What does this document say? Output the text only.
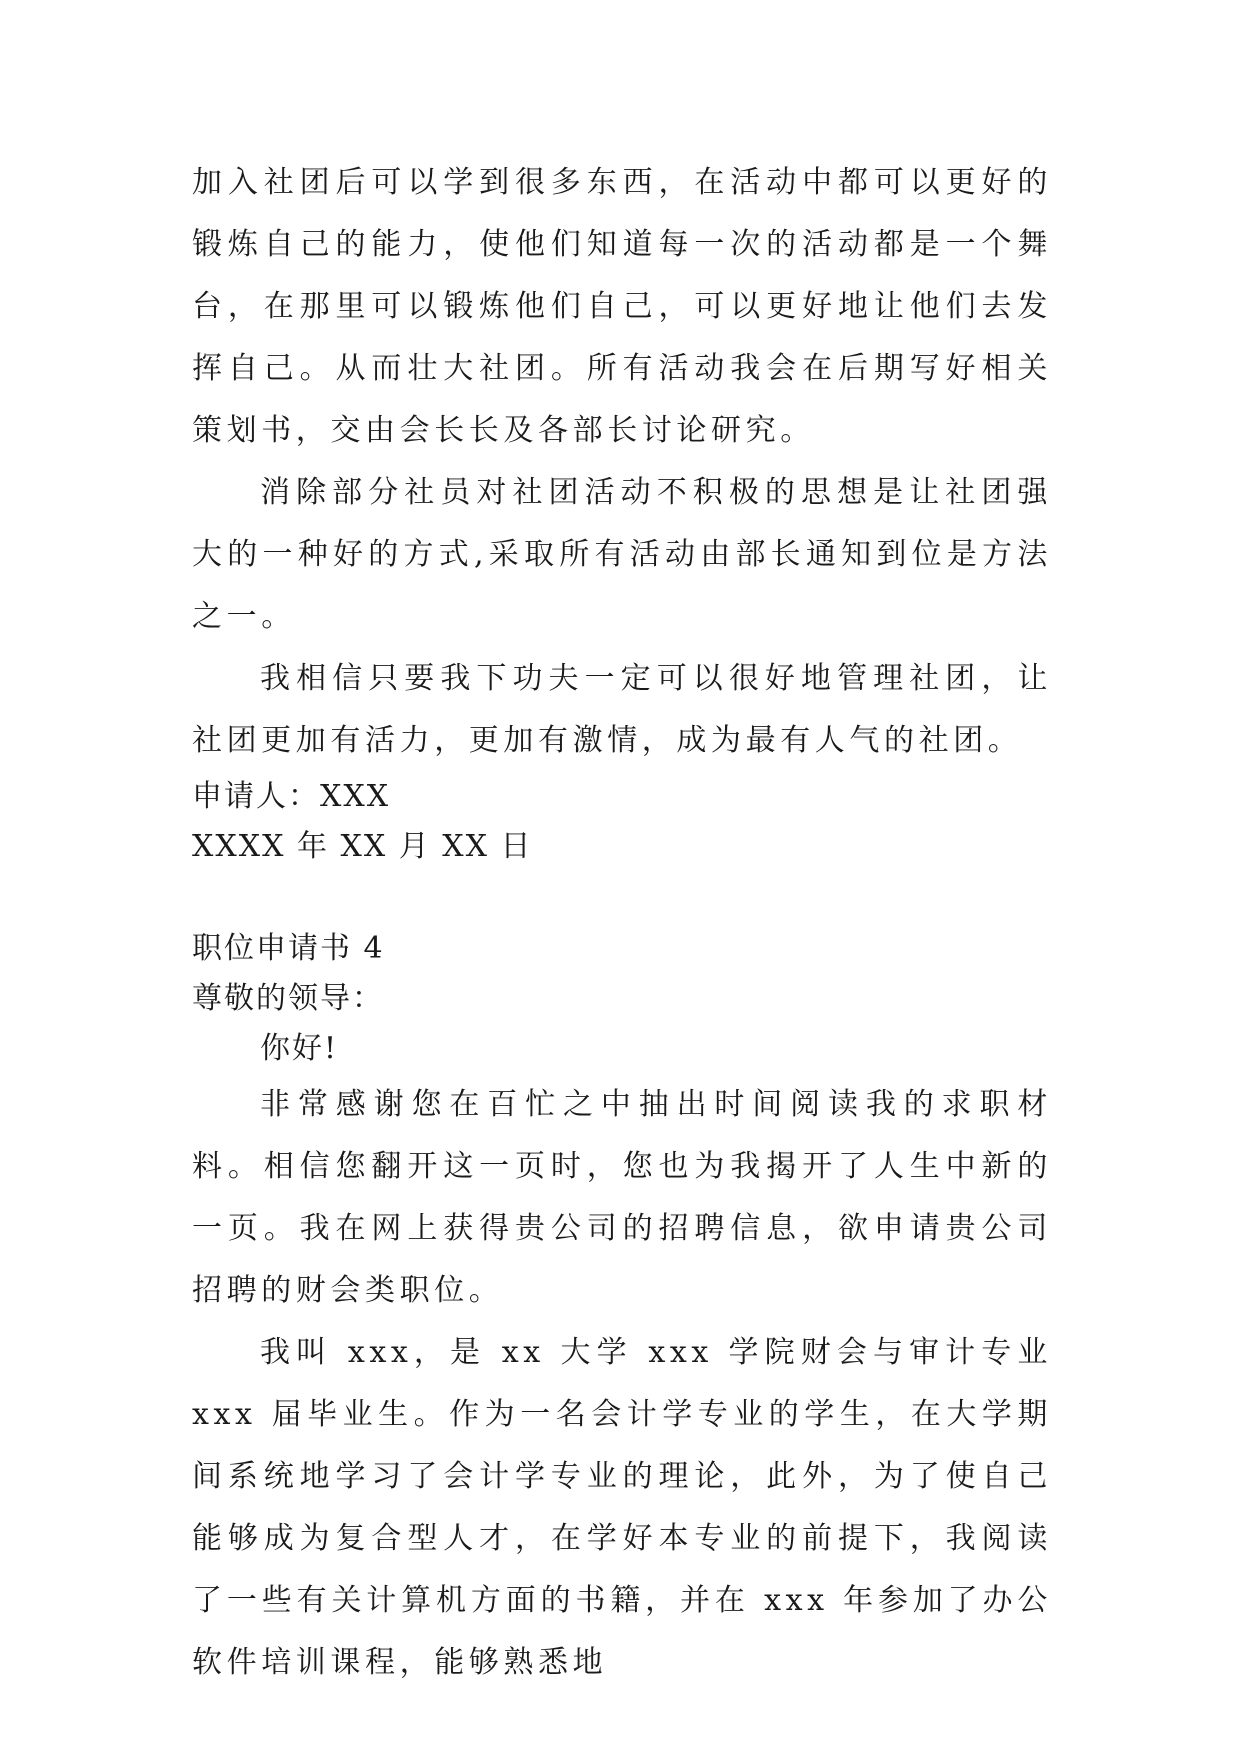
加入社团后可以学到很多东西，在活动中都可以更好的锻炼自己的能力，使他们知道每一次的活动都是一个舞台，在那里可以锻炼他们自己，可以更好地让他们去发挥自己。从而壮大社团。所有活动我会在后期写好相关策划书，交由会长长及各部长讨论研究。

消除部分社员对社团活动不积极的思想是让社团强大的一种好的方式,采取所有活动由部长通知到位是方法之一。

我相信只要我下功夫一定可以很好地管理社团，让社团更加有活力，更加有激情，成为最有人气的社团。

申请人：XXX

XXXX 年 XX 月 XX 日

职位申请书 4

尊敬的领导：

你好!

非常感谢您在百忙之中抽出时间阅读我的求职材料。相信您翻开这一页时，您也为我揭开了人生中新的一页。我在网上获得贵公司的招聘信息，欲申请贵公司招聘的财会类职位。

我叫 xxx，是 xx 大学 xxx 学院财会与审计专业 xxx 届毕业生。作为一名会计学专业的学生，在大学期间系统地学习了会计学专业的理论，此外，为了使自己能够成为复合型人才，在学好本专业的前提下，我阅读了一些有关计算机方面的书籍，并在 xxx 年参加了办公软件培训课程，能够熟悉地
